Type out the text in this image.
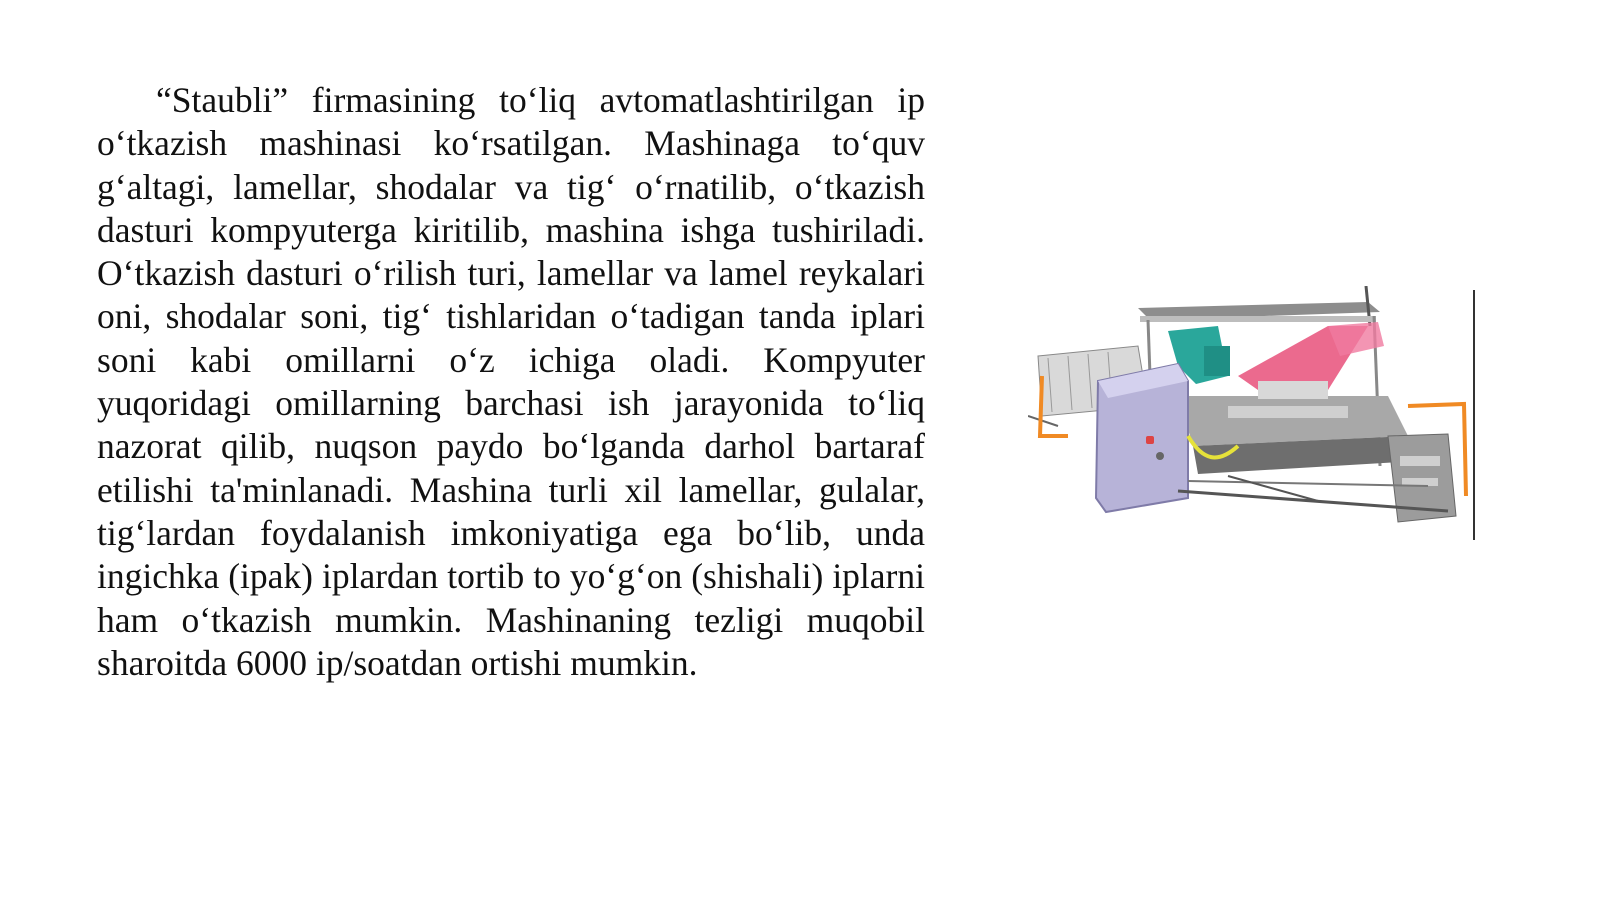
“Staubli” firmasining to‘liq avtomatlashtirilgan ip o‘tkazish mashinasi ko‘rsatilgan. Mashinaga to‘quv g‘altagi, lamellar, shodalar va tig‘ o‘rnatilib, o‘tkazish dasturi kompyuterga kiritilib, mashina ishga tushiriladi. O‘tkazish dasturi o‘rilish turi, lamellar va lamel reykalari oni, shodalar soni, tig‘ tishlaridan o‘tadigan tanda iplari soni kabi omillarni o‘z ichiga oladi. Kompyuter yuqoridagi omillarning barchasi ish jarayonida to‘liq nazorat qilib, nuqson paydo bo‘lganda darhol bartaraf etilishi ta'minlanadi. Mashina turli xil lamellar, gulalar, tig‘lardan foydalanish imkoniyatiga ega bo‘lib, unda ingichka (ipak) iplardan tortib to yo‘g‘on (shishali) iplarni ham o‘tkazish mumkin. Mashinaning tezligi muqobil sharoitda 6000 ip/soatdan ortishi mumkin.
